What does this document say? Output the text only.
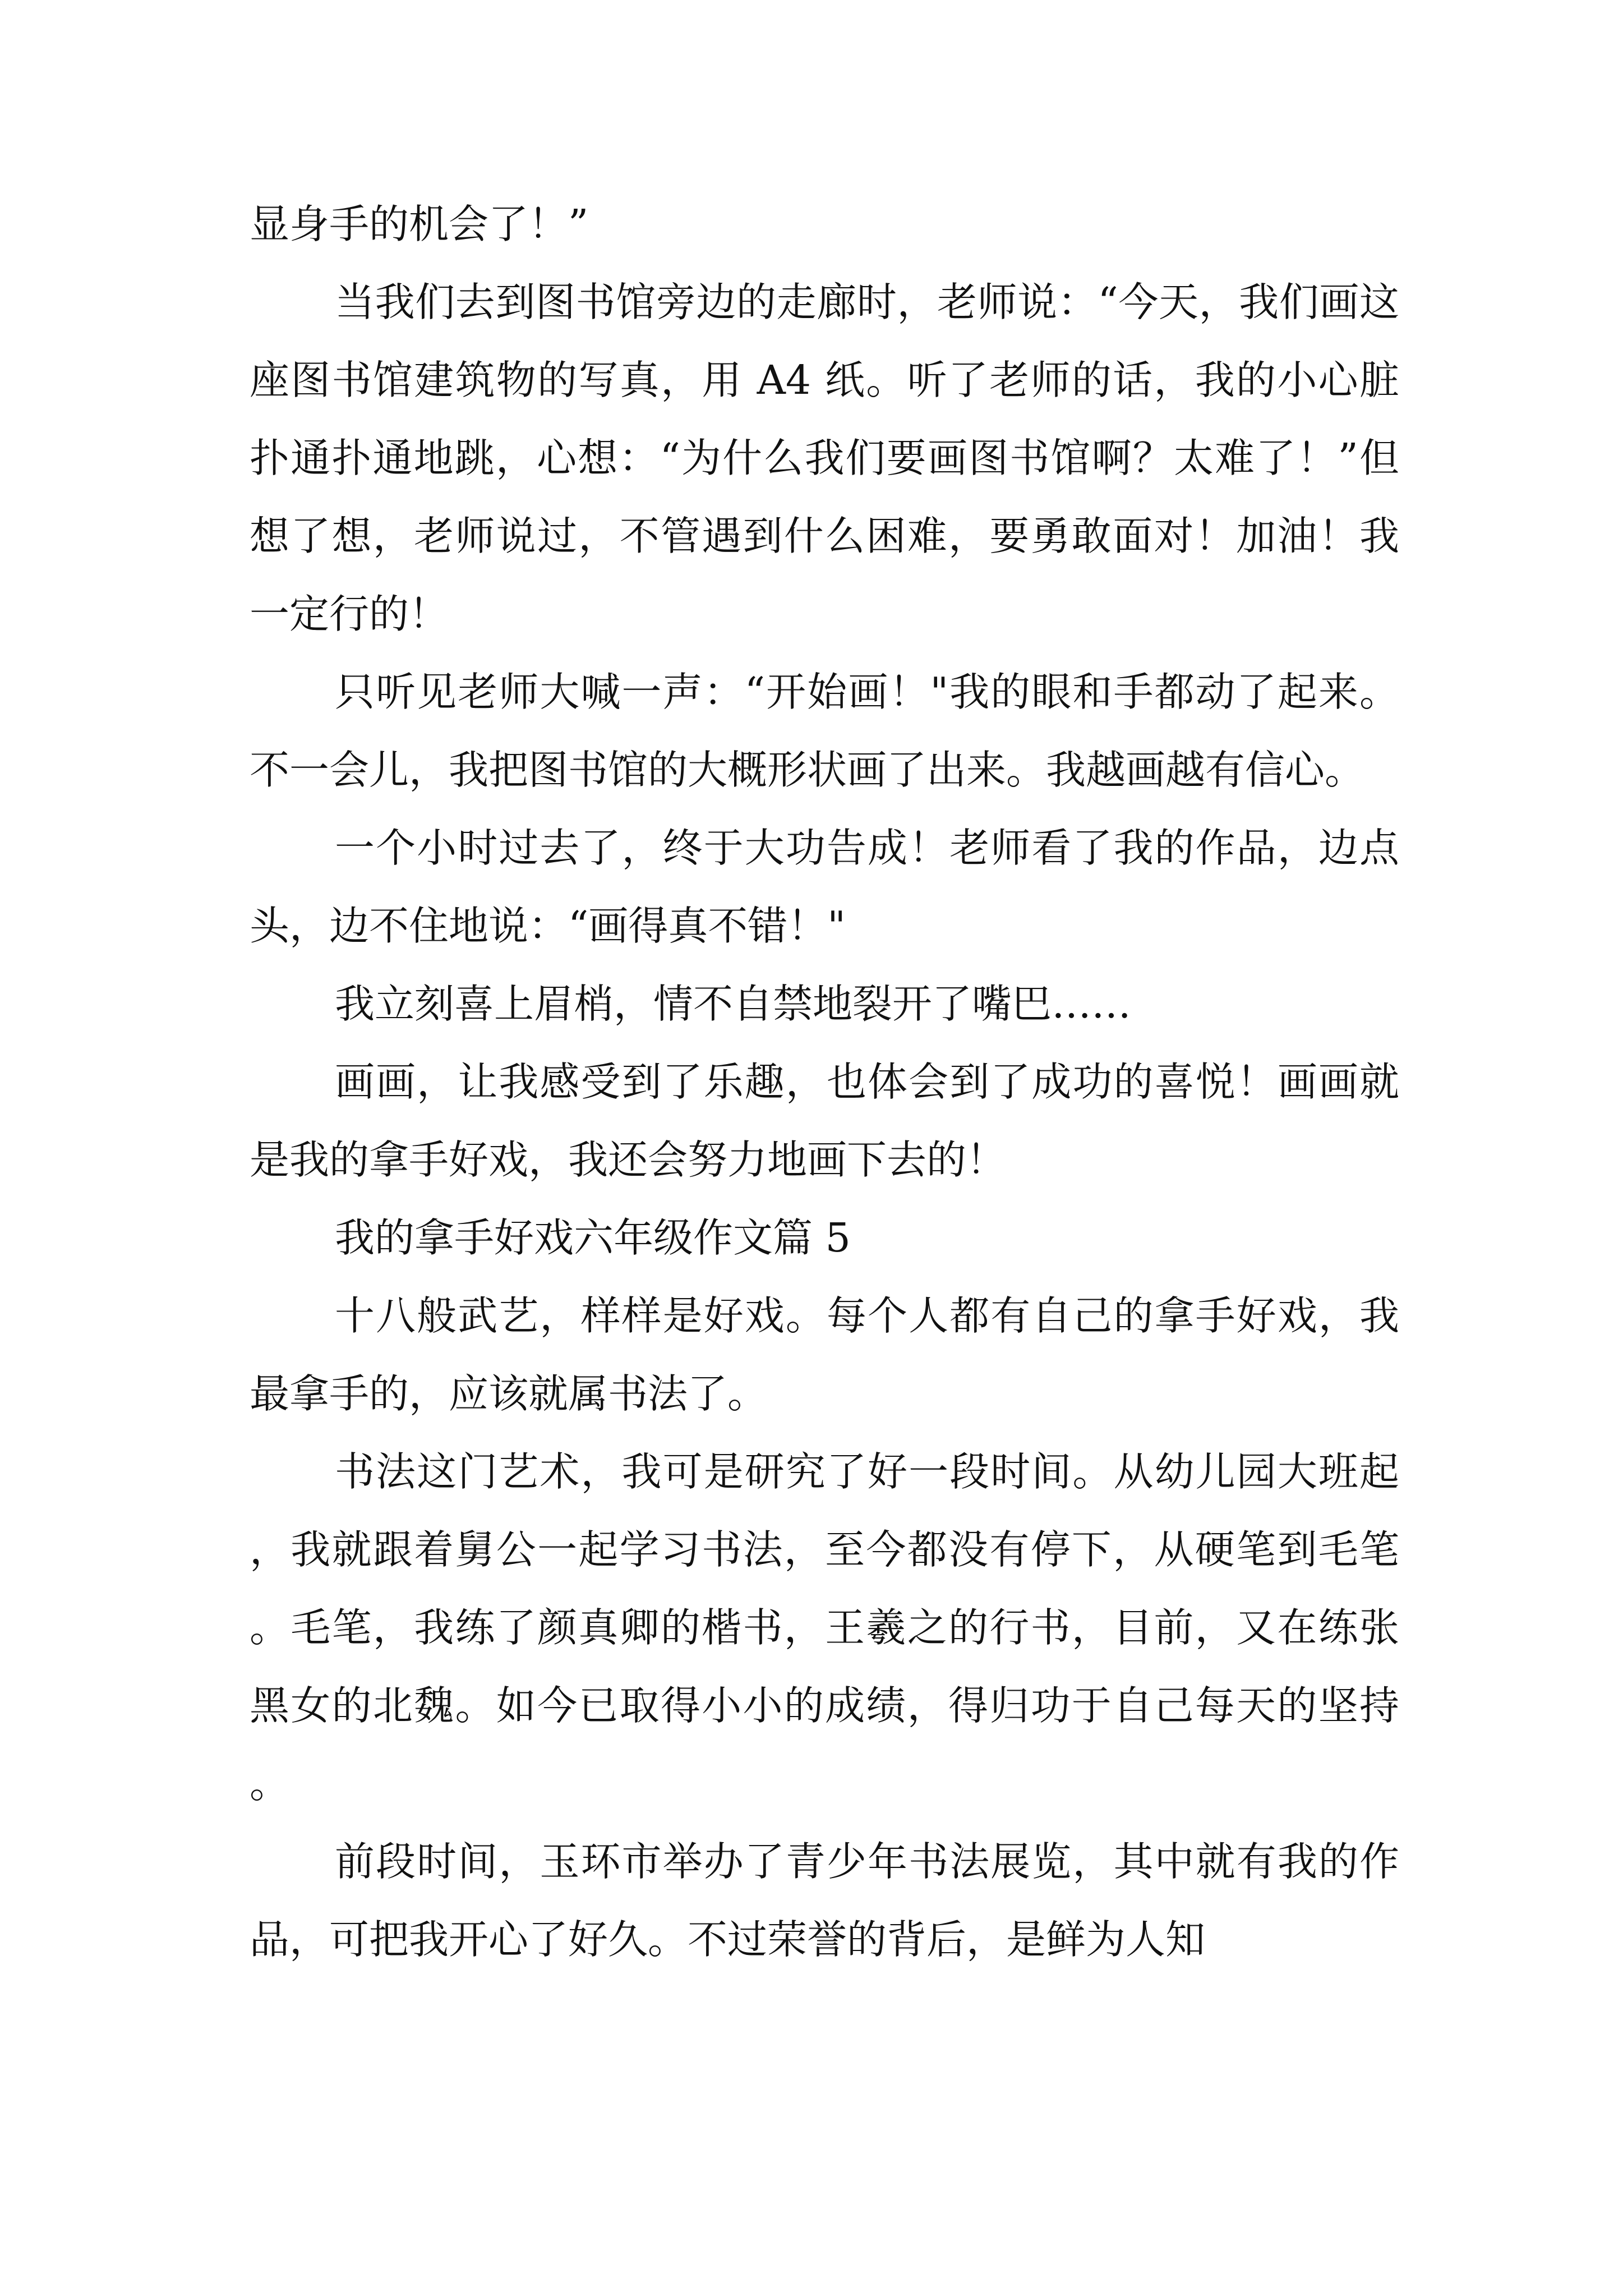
显身手的机会了！”

当我们去到图书馆旁边的走廊时，老师说：“今天，我们画这座图书馆建筑物的写真，用 A4 纸。听了老师的话，我的小心脏扑通扑通地跳，心想：“为什么我们要画图书馆啊？太难了！”但想了想，老师说过，不管遇到什么困难，要勇敢面对！加油！我一定行的！

只听见老师大喊一声：“开始画！"我的眼和手都动了起来。不一会儿，我把图书馆的大概形状画了出来。我越画越有信心。

一个小时过去了，终于大功告成！老师看了我的作品，边点头，边不住地说：“画得真不错！"

我立刻喜上眉梢，情不自禁地裂开了嘴巴……

画画，让我感受到了乐趣，也体会到了成功的喜悦！画画就是我的拿手好戏，我还会努力地画下去的！

我的拿手好戏六年级作文篇 5

十八般武艺，样样是好戏。每个人都有自己的拿手好戏，我最拿手的，应该就属书法了。

书法这门艺术，我可是研究了好一段时间。从幼儿园大班起，我就跟着舅公一起学习书法，至今都没有停下，从硬笔到毛笔。毛笔，我练了颜真卿的楷书，王羲之的行书，目前，又在练张黑女的北魏。如今已取得小小的成绩，得归功于自己每天的坚持。

前段时间，玉环市举办了青少年书法展览，其中就有我的作品，可把我开心了好久。不过荣誉的背后，是鲜为人知
